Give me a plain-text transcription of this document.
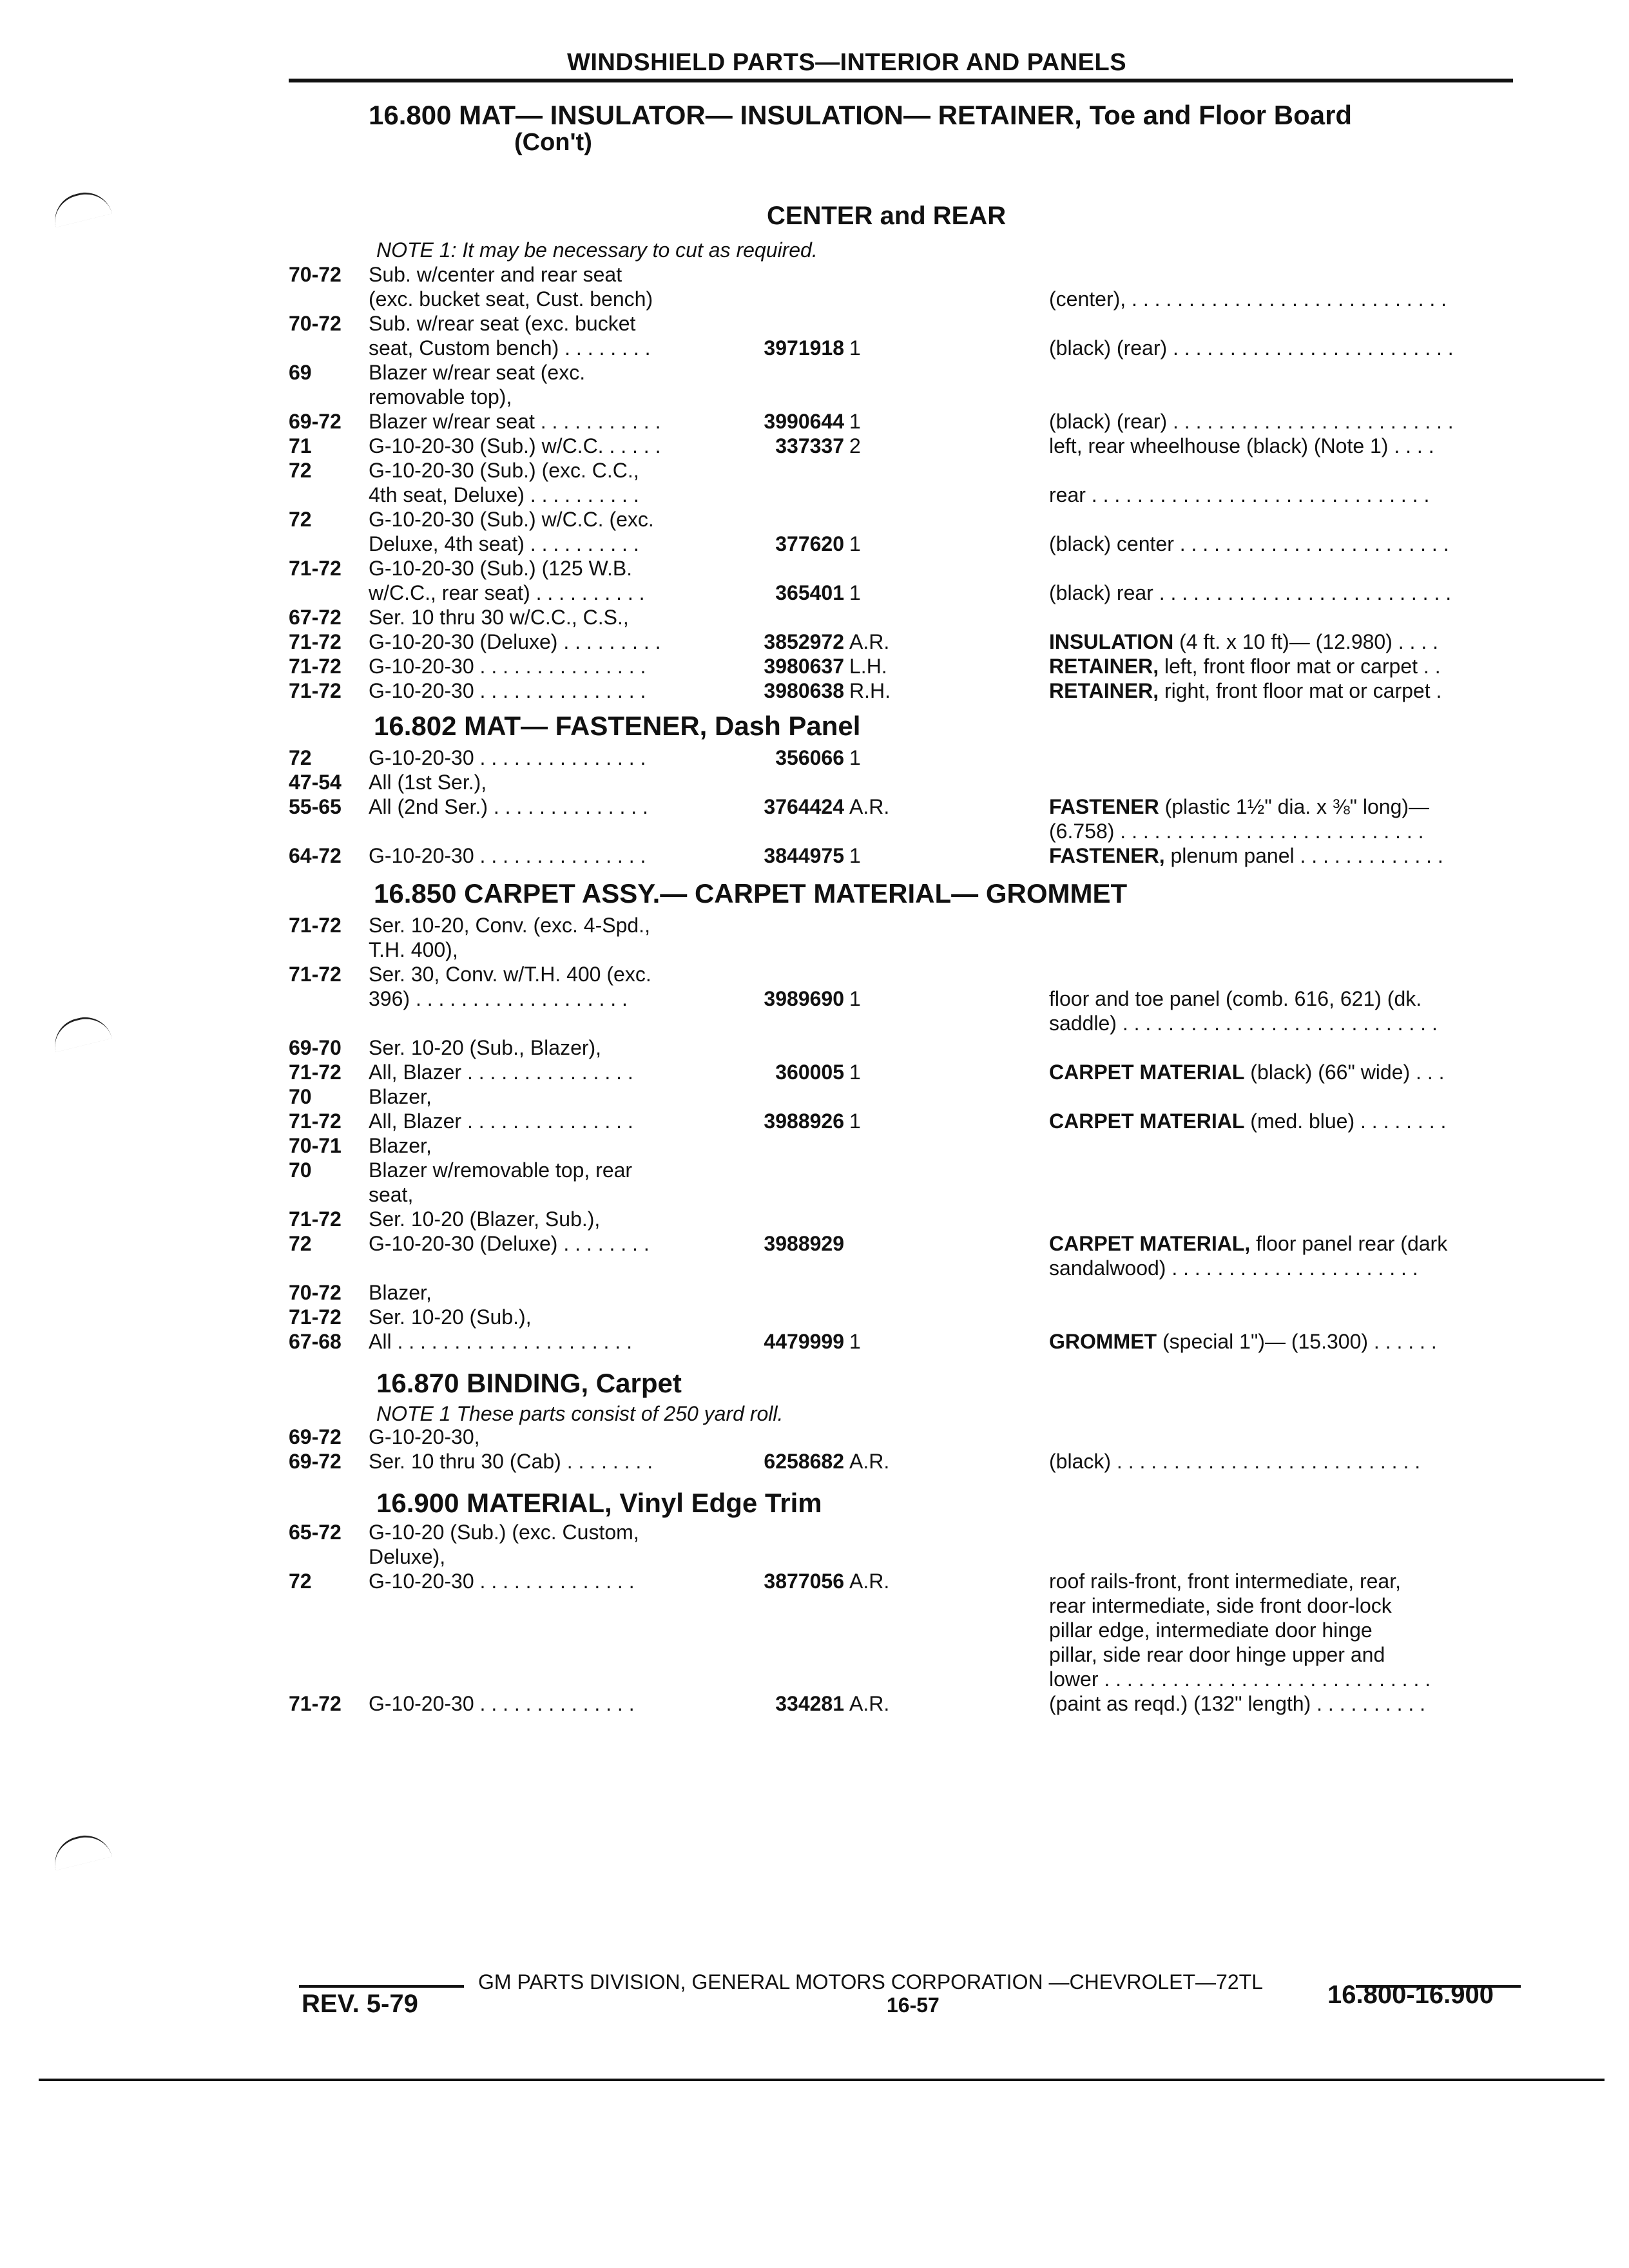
WINDSHIELD PARTS—INTERIOR AND PANELS
16.800 MAT— INSULATOR— INSULATION— RETAINER, Toe and Floor Board
(Con't)
CENTER and REAR
NOTE 1: It may be necessary to cut as required.
16.802 MAT— FASTENER, Dash Panel
16.850 CARPET ASSY.— CARPET MATERIAL— GROMMET
16.870 BINDING, Carpet
NOTE 1 These parts consist of 250 yard roll.
16.900 MATERIAL, Vinyl Edge Trim
70-72 Sub. w/center and rear seat
(exc. bucket seat, Cust. bench)	(center), . . . . . . . . . . . . . . . . . . . . . . . . . . . .
70-72 Sub. w/rear seat (exc. bucket
seat, Custom bench) . . . . . . . .	3971918 1	(black) (rear) . . . . . . . . . . . . . . . . . . . . . . . . .
69	Blazer w/rear seat (exc.
removable top),
69-72 Blazer w/rear seat . . . . . . . . . . .	3990644 1	(black) (rear) . . . . . . . . . . . . . . . . . . . . . . . . .
71	G-10-20-30 (Sub.) w/C.C. . . . . .	337337 2	left, rear wheelhouse (black) (Note 1) . . . .
72	G-10-20-30 (Sub.) (exc. C.C.,
4th seat, Deluxe) . . . . . . . . . .	rear . . . . . . . . . . . . . . . . . . . . . . . . . . . . . .
72	G-10-20-30 (Sub.) w/C.C. (exc.
Deluxe, 4th seat) . . . . . . . . . .	377620 1	(black) center . . . . . . . . . . . . . . . . . . . . . . . .
71-72 G-10-20-30 (Sub.) (125 W.B.
w/C.C., rear seat) . . . . . . . . . .	365401 1	(black) rear . . . . . . . . . . . . . . . . . . . . . . . . . .
67-72 Ser. 10 thru 30 w/C.C., C.S.,
71-72 G-10-20-30 (Deluxe) . . . . . . . . .	3852972 A.R.	INSULATION (4 ft. x 10 ft)— (12.980) . . . .
71-72 G-10-20-30 . . . . . . . . . . . . . . .	3980637 L.H.	RETAINER, left, front floor mat or carpet . .
71-72 G-10-20-30 . . . . . . . . . . . . . . .	3980638 R.H.	RETAINER, right, front floor mat or carpet .
72	G-10-20-30 . . . . . . . . . . . . . . .	356066 1
47-54 All (1st Ser.),
55-65 All (2nd Ser.) . . . . . . . . . . . . . .	3764424 A.R.	FASTENER (plastic 1½" dia. x ⅜" long)—
(6.758) . . . . . . . . . . . . . . . . . . . . . . . . . . .
64-72 G-10-20-30 . . . . . . . . . . . . . . .	3844975 1	FASTENER, plenum panel . . . . . . . . . . . . .
71-72 Ser. 10-20, Conv. (exc. 4-Spd.,
T.H. 400),
71-72 Ser. 30, Conv. w/T.H. 400 (exc.
396) . . . . . . . . . . . . . . . . . . .	3989690 1	floor and toe panel (comb. 616, 621) (dk.
saddle) . . . . . . . . . . . . . . . . . . . . . . . . . . . .
69-70 Ser. 10-20 (Sub., Blazer),
71-72 All, Blazer . . . . . . . . . . . . . . .	360005 1	CARPET MATERIAL (black) (66" wide) . . .
70	Blazer,
71-72 All, Blazer . . . . . . . . . . . . . . .	3988926 1	CARPET MATERIAL (med. blue) . . . . . . . .
70-71 Blazer,
70	Blazer w/removable top, rear
seat,
71-72 Ser. 10-20 (Blazer, Sub.),
72	G-10-20-30 (Deluxe) . . . . . . . .	3988929	CARPET MATERIAL, floor panel rear (dark
sandalwood) . . . . . . . . . . . . . . . . . . . . . .
70-72 Blazer,
71-72 Ser. 10-20 (Sub.),
67-68 All . . . . . . . . . . . . . . . . . . . . .	4479999 1	GROMMET (special 1")— (15.300) . . . . . .
69-72 G-10-20-30,
69-72 Ser. 10 thru 30 (Cab) . . . . . . . .	6258682 A.R.	(black) . . . . . . . . . . . . . . . . . . . . . . . . . . .
65-72 G-10-20 (Sub.) (exc. Custom,
Deluxe),
72	G-10-20-30 . . . . . . . . . . . . . .	3877056 A.R.	roof rails-front, front intermediate, rear,
rear intermediate, side front door-lock
pillar edge, intermediate door hinge
pillar, side rear door hinge upper and
lower . . . . . . . . . . . . . . . . . . . . . . . . . . . . .
71-72 G-10-20-30 . . . . . . . . . . . . . .	334281 A.R.	(paint as reqd.) (132" length) . . . . . . . . . .
GM PARTS DIVISION, GENERAL MOTORS CORPORATION —CHEVROLET—72TL
REV. 5-79	16-57	16.800-16.900
